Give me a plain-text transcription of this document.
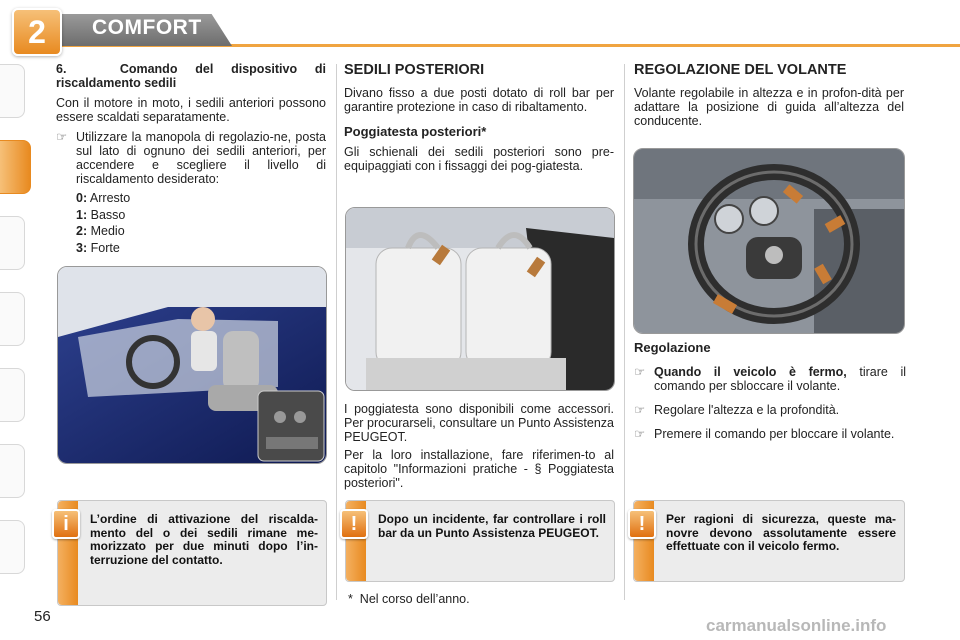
2	COMFORT
6.   Comando del dispositivo di riscaldamento sedili
Con il motore in moto, i sedili anteriori possono essere scaldati separatamente.
☞ Utilizzare la manopola di regolazio-ne, posta sul lato di ognuno dei sedili anteriori, per accendere e scegliere il livello di riscaldamento desiderato:
0: Arresto
1: Basso
2: Medio
3: Forte
i	L’ordine di attivazione del riscalda-mento del o dei sedili rimane me-morizzato per due minuti dopo l’in-terruzione del contatto.
SEDILI POSTERIORI
Divano fisso a due posti dotato di roll bar per garantire protezione in caso di ribaltamento.
Poggiatesta posteriori*
Gli schienali dei sedili posteriori sono pre-equipaggiati con i fissaggi dei pog-giatesta.
I poggiatesta sono disponibili come accessori. Per procurarseli, consultare un Punto Assistenza PEUGEOT.
Per la loro installazione, fare riferimen-to al capitolo "Informazioni pratiche - § Poggiatesta posteriori".
!	Dopo un incidente, far controllare i roll bar da un Punto Assistenza PEUGEOT.
*  Nel corso dell’anno.
REGOLAZIONE DEL VOLANTE
Volante regolabile in altezza e in profon-dità per adattare la posizione di guida all’altezza del conducente.
Regolazione
☞ Quando il veicolo è fermo, tirare il comando per sbloccare il volante.
☞ Regolare l'altezza e la profondità.
☞ Premere il comando per bloccare il volante.
!	Per ragioni di sicurezza, queste ma-novre devono assolutamente essere effettuate con il veicolo fermo.
56	carmanualsonline.info
